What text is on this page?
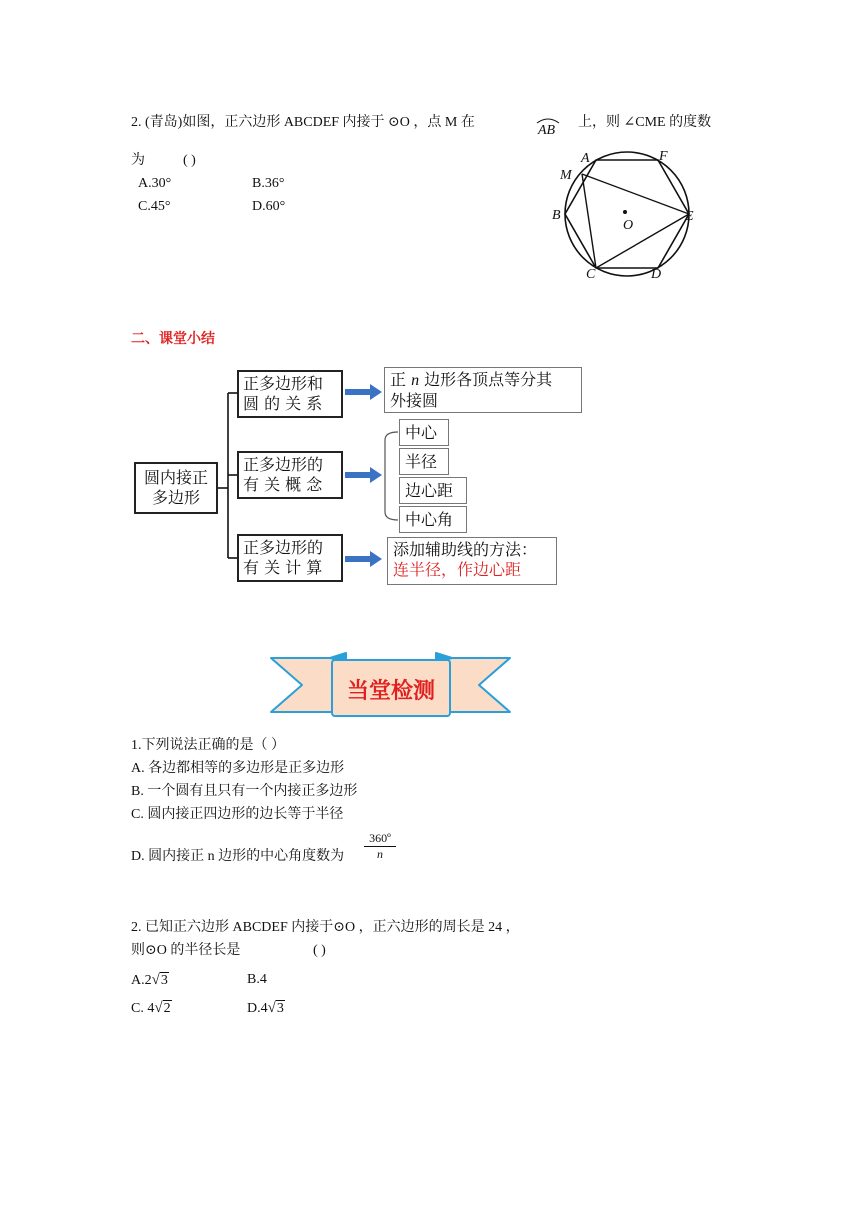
2. (青岛)如图，正六边形 ABCDEF 内接于 ⊙O ，点 M 在
AB
上，则 ∠CME 的度数
为	( )
A.30°	B.36°
C.45°	D.60°
M
A	F
B
O
E
C	D
二、课堂小结
圆内接正
多边形
正多边形和
圆 的 关 系
正多边形的
有 关 概 念
正多边形的
有 关 计 算
正 n 边形各顶点等分其
外接圆
中心
半径
边心距
中心角
添加辅助线的方法：
连半径，作边心距
当堂检测
1.下列说法正确的是（ ）
A. 各边都相等的多边形是正多边形
B. 一个圆有且只有一个内接正多边形
C. 圆内接正四边形的边长等于半径
D. 圆内接正 n 边形的中心角度数为 $\frac{\text{360º}}{n}$
2. 已知正六边形 ABCDEF 内接于⊙O ，正六边形的周长是 24 ，
则⊙O 的半径长是	( )
A.2√3	B.4
C. 4√2	D.4√3
